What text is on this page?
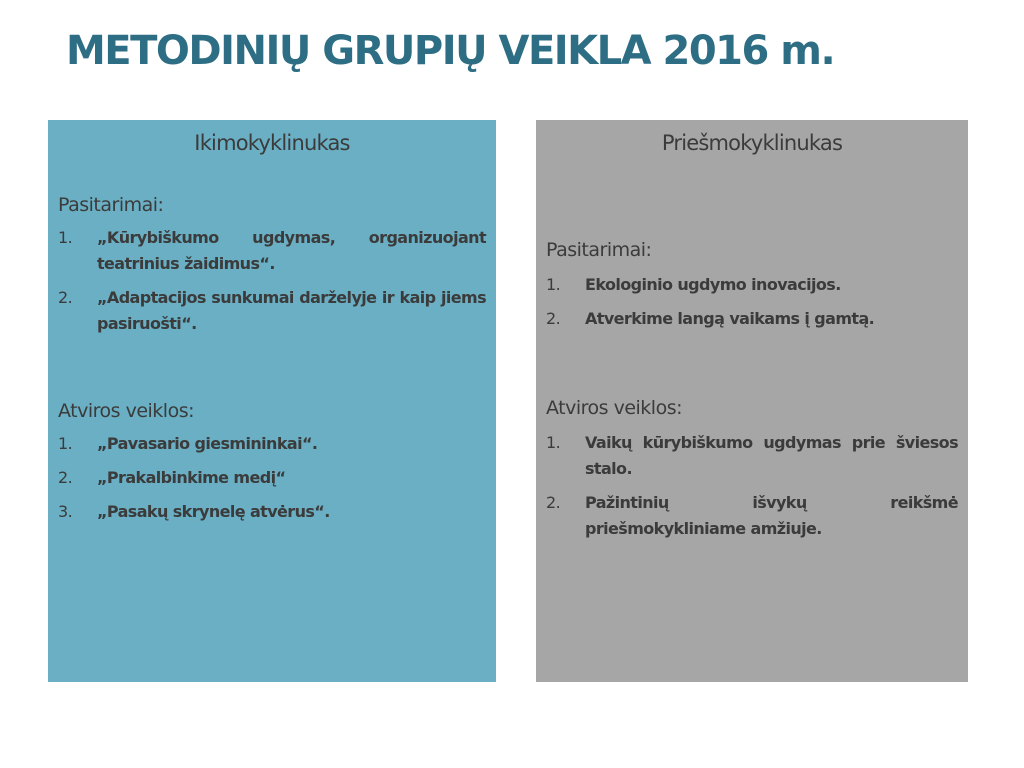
METODINIŲ GRUPIŲ VEIKLA 2016 m.
Ikimokyklinukas
Pasitarimai:
1. „Kūrybiškumo ugdymas, organizuojant teatrinius žaidimus“.
2. „Adaptacijos sunkumai darželyje ir kaip jiems pasiruošti“.
Atviros veiklos:
1. „Pavasario giesmininkai“.
2. „Prakalbinkime medį“
3. „Pasakų skrynelę atvėrus“.
Priešmokyklinukas
Pasitarimai:
1. Ekologinio ugdymo inovacijos.
2. Atverkime langą vaikams į gamtą.
Atviros veiklos:
1. Vaikų kūrybiškumo ugdymas prie šviesos stalo.
2. Pažintinių išvykų reikšmė priešmokykliniame amžiuje.
